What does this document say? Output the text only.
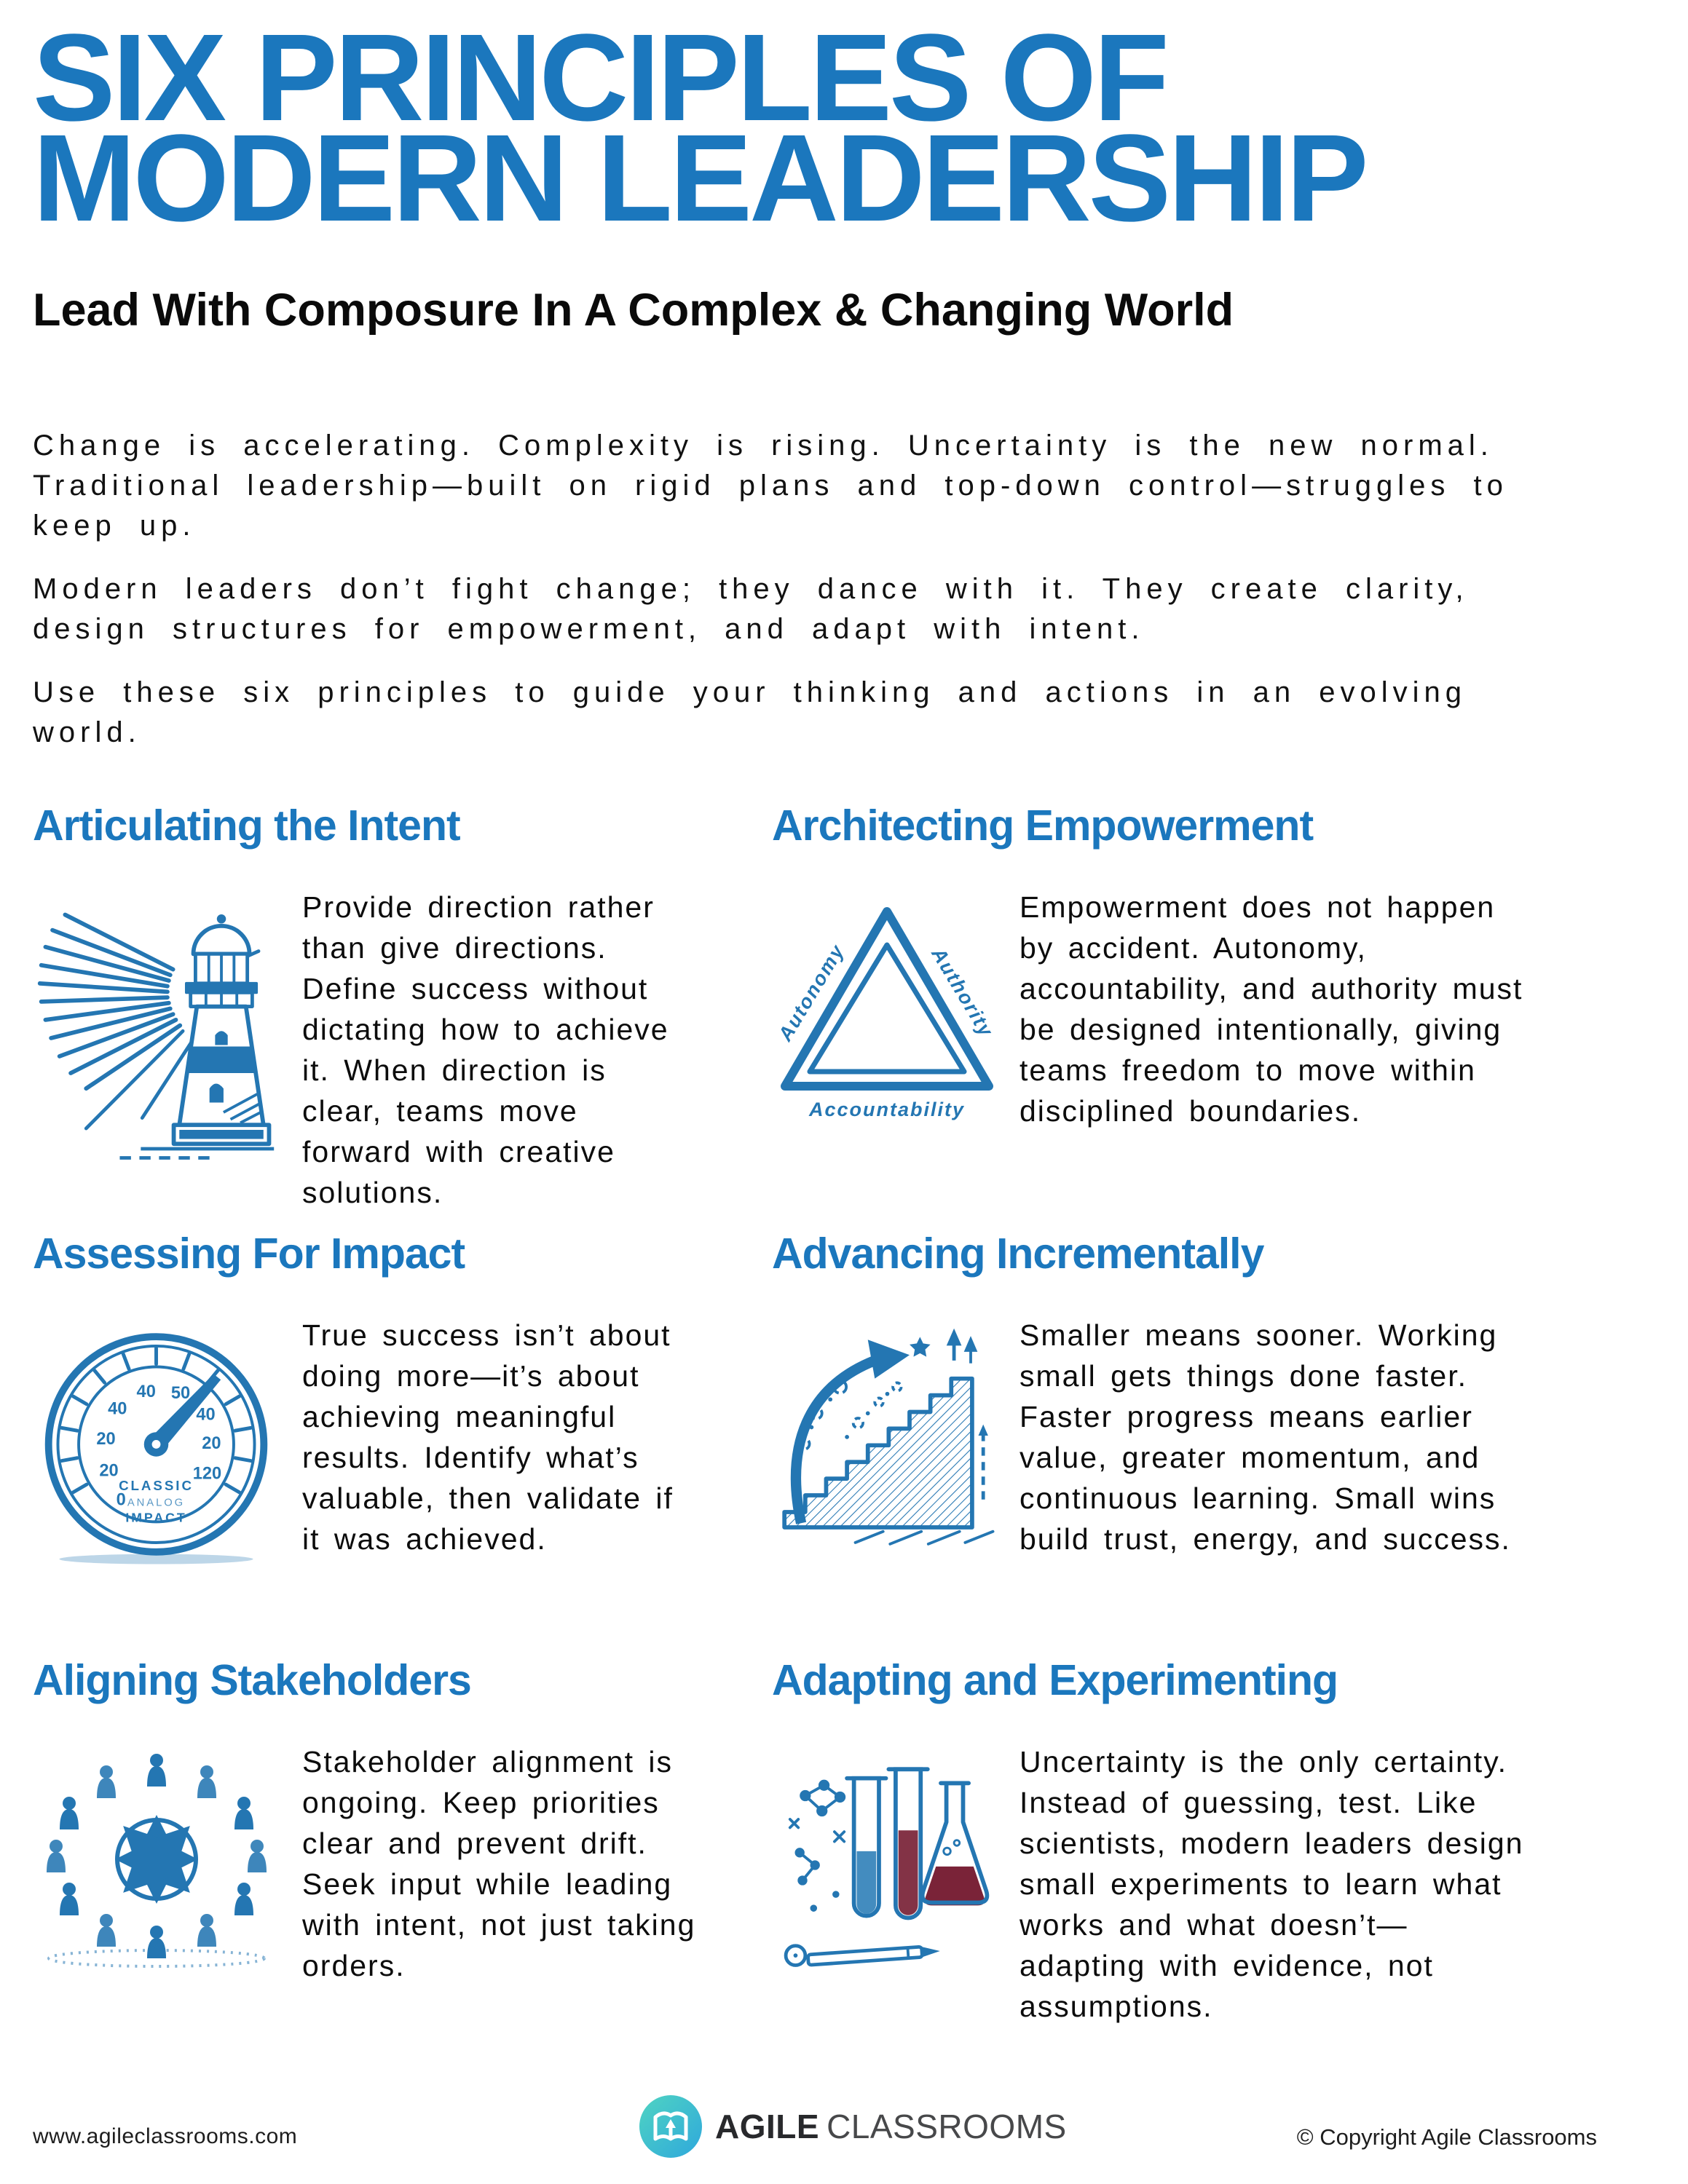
SIX PRINCIPLES OF
MODERN LEADERSHIP
Lead With Composure In A Complex & Changing World

Change is accelerating. Complexity is rising. Uncertainty is the new normal. Traditional leadership—built on rigid plans and top-down control—struggles to keep up.

Modern leaders don’t fight change; they dance with it. They create clarity, design structures for empowerment, and adapt with intent.

Use these six principles to guide your thinking and actions in an evolving world.

Articulating the Intent

Provide direction rather than give directions. Define success without dictating how to achieve it. When direction is clear, teams move forward with creative solutions.

Architecting Empowerment
Autonomy	Authority
Accountability

Empowerment does not happen by accident. Autonomy, accountability, and authority must be designed intentionally, giving teams freedom to move within disciplined boundaries.

Assessing For Impact
0
20
20
40
40 50
40
20
120
CLASSIC
ANALOG
IMPACT

True success isn’t about doing more—it’s about achieving meaningful results. Identify what’s valuable, then validate if it was achieved.

Advancing Incrementally

Smaller means sooner. Working small gets things done faster. Faster progress means earlier value, greater momentum, and continuous learning. Small wins build trust, energy, and success.

Aligning Stakeholders

Stakeholder alignment is ongoing. Keep priorities clear and prevent drift. Seek input while leading with intent, not just taking orders.

Adapting and Experimenting

Uncertainty is the only certainty. Instead of guessing, test. Like scientists, modern leaders design small experiments to learn what works and what doesn’t—adapting with evidence, not assumptions.

www.agileclassrooms.com	AGILE CLASSROOMS	© Copyright Agile Classrooms
